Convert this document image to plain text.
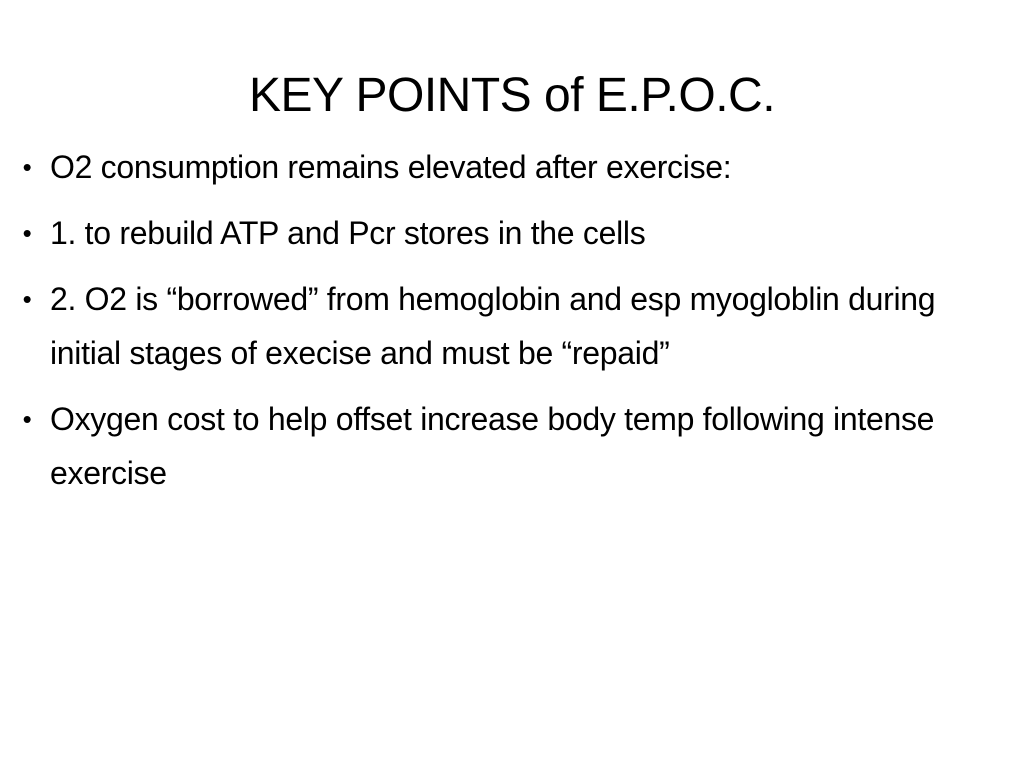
KEY POINTS of E.P.O.C.
• O2 consumption remains elevated after exercise:
• 1. to rebuild ATP and Pcr stores in the cells
• 2. O2 is “borrowed” from hemoglobin and esp myogloblin during initial stages of execise and must be “repaid”
• Oxygen cost to help offset increase body temp following intense exercise
